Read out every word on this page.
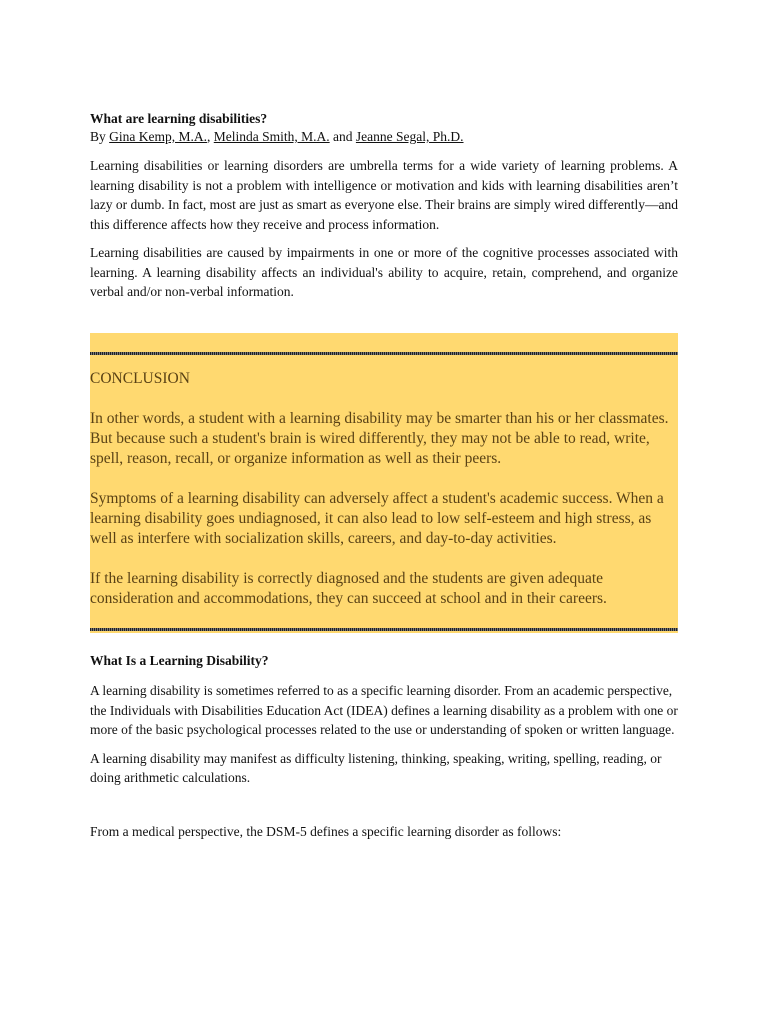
What are learning disabilities?

By Gina Kemp, M.A., Melinda Smith, M.A. and Jeanne Segal, Ph.D.

Learning disabilities or learning disorders are umbrella terms for a wide variety of learning problems. A learning disability is not a problem with intelligence or motivation and kids with learning disabilities aren’t lazy or dumb. In fact, most are just as smart as everyone else. Their brains are simply wired differently—and this difference affects how they receive and process information.

Learning disabilities are caused by impairments in one or more of the cognitive processes associated with learning. A learning disability affects an individual's ability to acquire, retain, comprehend, and organize verbal and/or non-verbal information.

CONCLUSION

In other words, a student with a learning disability may be smarter than his or her classmates. But because such a student's brain is wired differently, they may not be able to read, write, spell, reason, recall, or organize information as well as their peers.

Symptoms of a learning disability can adversely affect a student's academic success. When a learning disability goes undiagnosed, it can also lead to low self-esteem and high stress, as well as interfere with socialization skills, careers, and day-to-day activities.

If the learning disability is correctly diagnosed and the students are given adequate consideration and accommodations, they can succeed at school and in their careers.

What Is a Learning Disability?

A learning disability is sometimes referred to as a specific learning disorder. From an academic perspective, the Individuals with Disabilities Education Act (IDEA) defines a learning disability as a problem with one or more of the basic psychological processes related to the use or understanding of spoken or written language.

A learning disability may manifest as difficulty listening, thinking, speaking, writing, spelling, reading, or doing arithmetic calculations.

From a medical perspective, the DSM-5 defines a specific learning disorder as follows:
